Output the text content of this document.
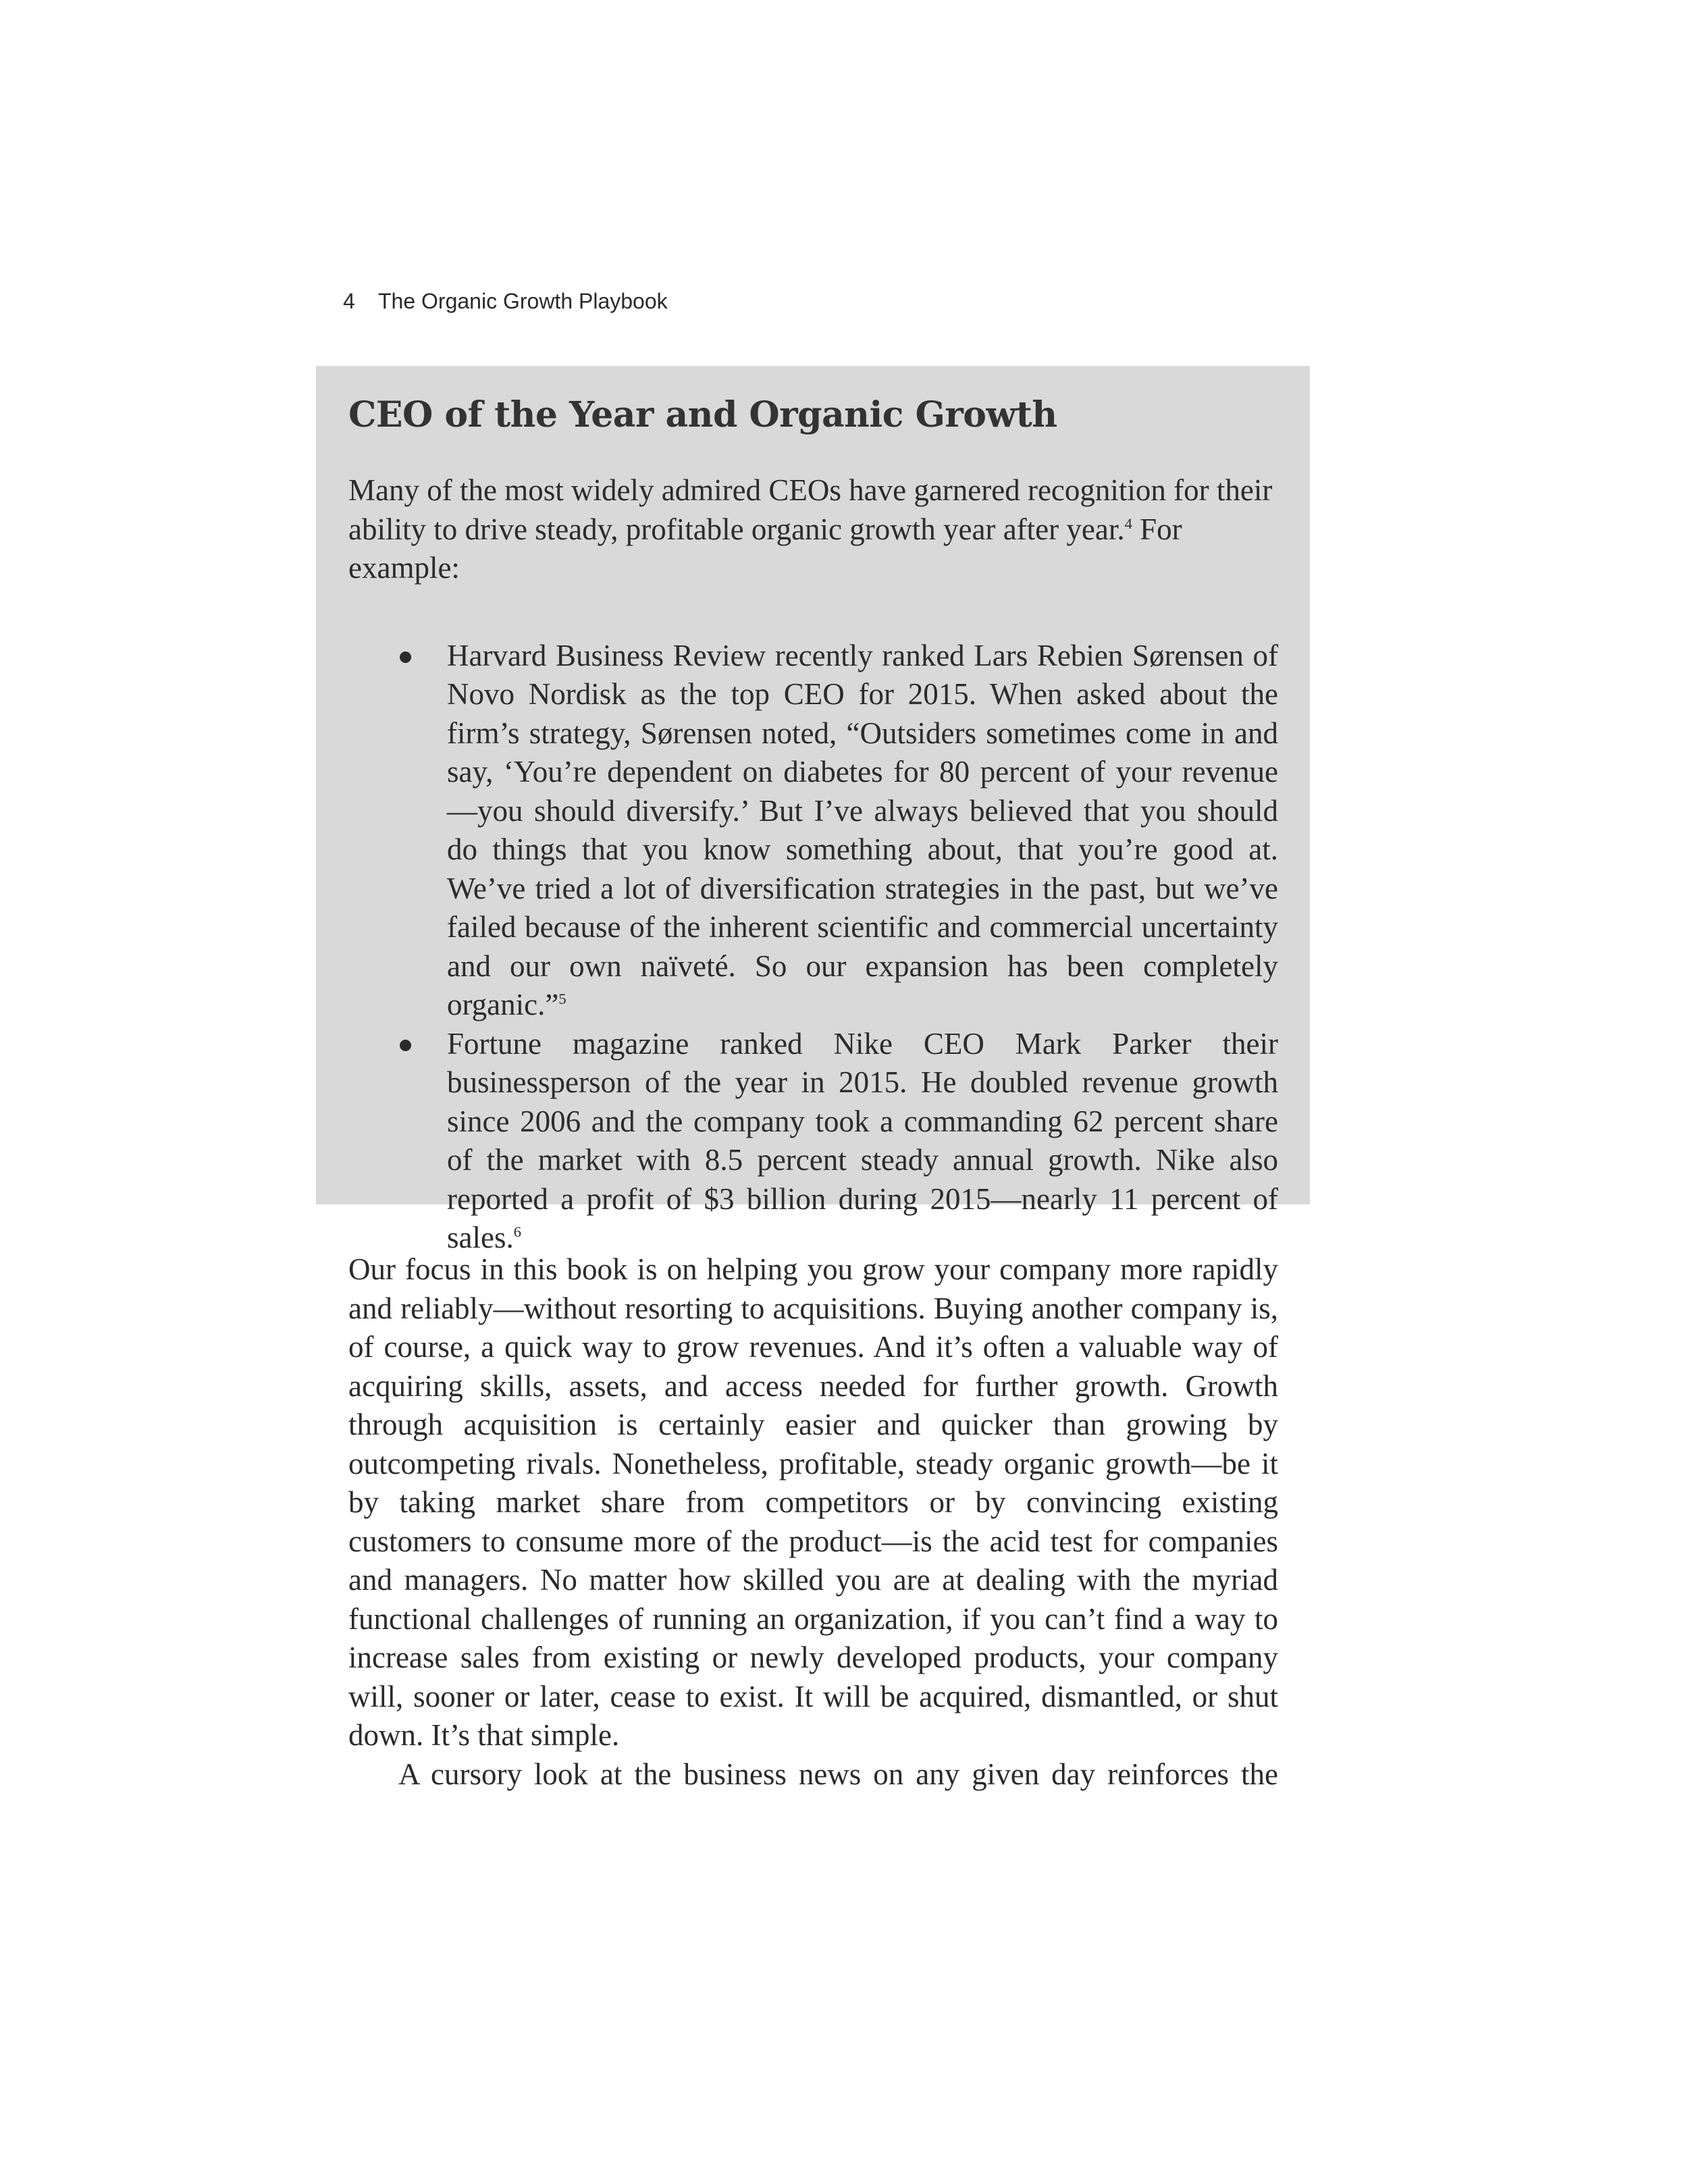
4 The Organic Growth Playbook
CEO of the Year and Organic Growth

Many of the most widely admired CEOs have garnered recognition for their ability to drive steady, profitable organic growth year after year.$^4$ For example:

Harvard Business Review recently ranked Lars Rebien Sørensen of Novo Nordisk as the top CEO for 2015. When asked about the firm’s strategy, Sørensen noted, “Outsiders sometimes come in and say, ‘You’re dependent on diabetes for 80 percent of your revenue—you should diversify.’ But I’ve always believed that you should do things that you know something about, that you’re good at. We’ve tried a lot of diversification strategies in the past, but we’ve failed because of the inherent scientific and commercial uncertainty and our own naïveté. So our expansion has been completely organic.”$^5$
Fortune magazine ranked Nike CEO Mark Parker their businessperson of the year in 2015. He doubled revenue growth since 2006 and the company took a commanding 62 percent share of the market with 8.5 percent steady annual growth. Nike also reported a profit of $3 billion during 2015—nearly 11 percent of sales.$^6$

Our focus in this book is on helping you grow your company more rapidly and reliably—without resorting to acquisitions. Buying another company is, of course, a quick way to grow revenues. And it’s often a valuable way of acquiring skills, assets, and access needed for further growth. Growth through acquisition is certainly easier and quicker than growing by outcompeting rivals. Nonetheless, profitable, steady organic growth—be it by taking market share from competitors or by convincing existing customers to consume more of the product—is the acid test for companies and managers. No matter how skilled you are at dealing with the myriad functional challenges of running an organization, if you can’t find a way to increase sales from existing or newly developed products, your company will, sooner or later, cease to exist. It will be acquired, dismantled, or shut down. It’s that simple.

A cursory look at the business news on any given day reinforces the
